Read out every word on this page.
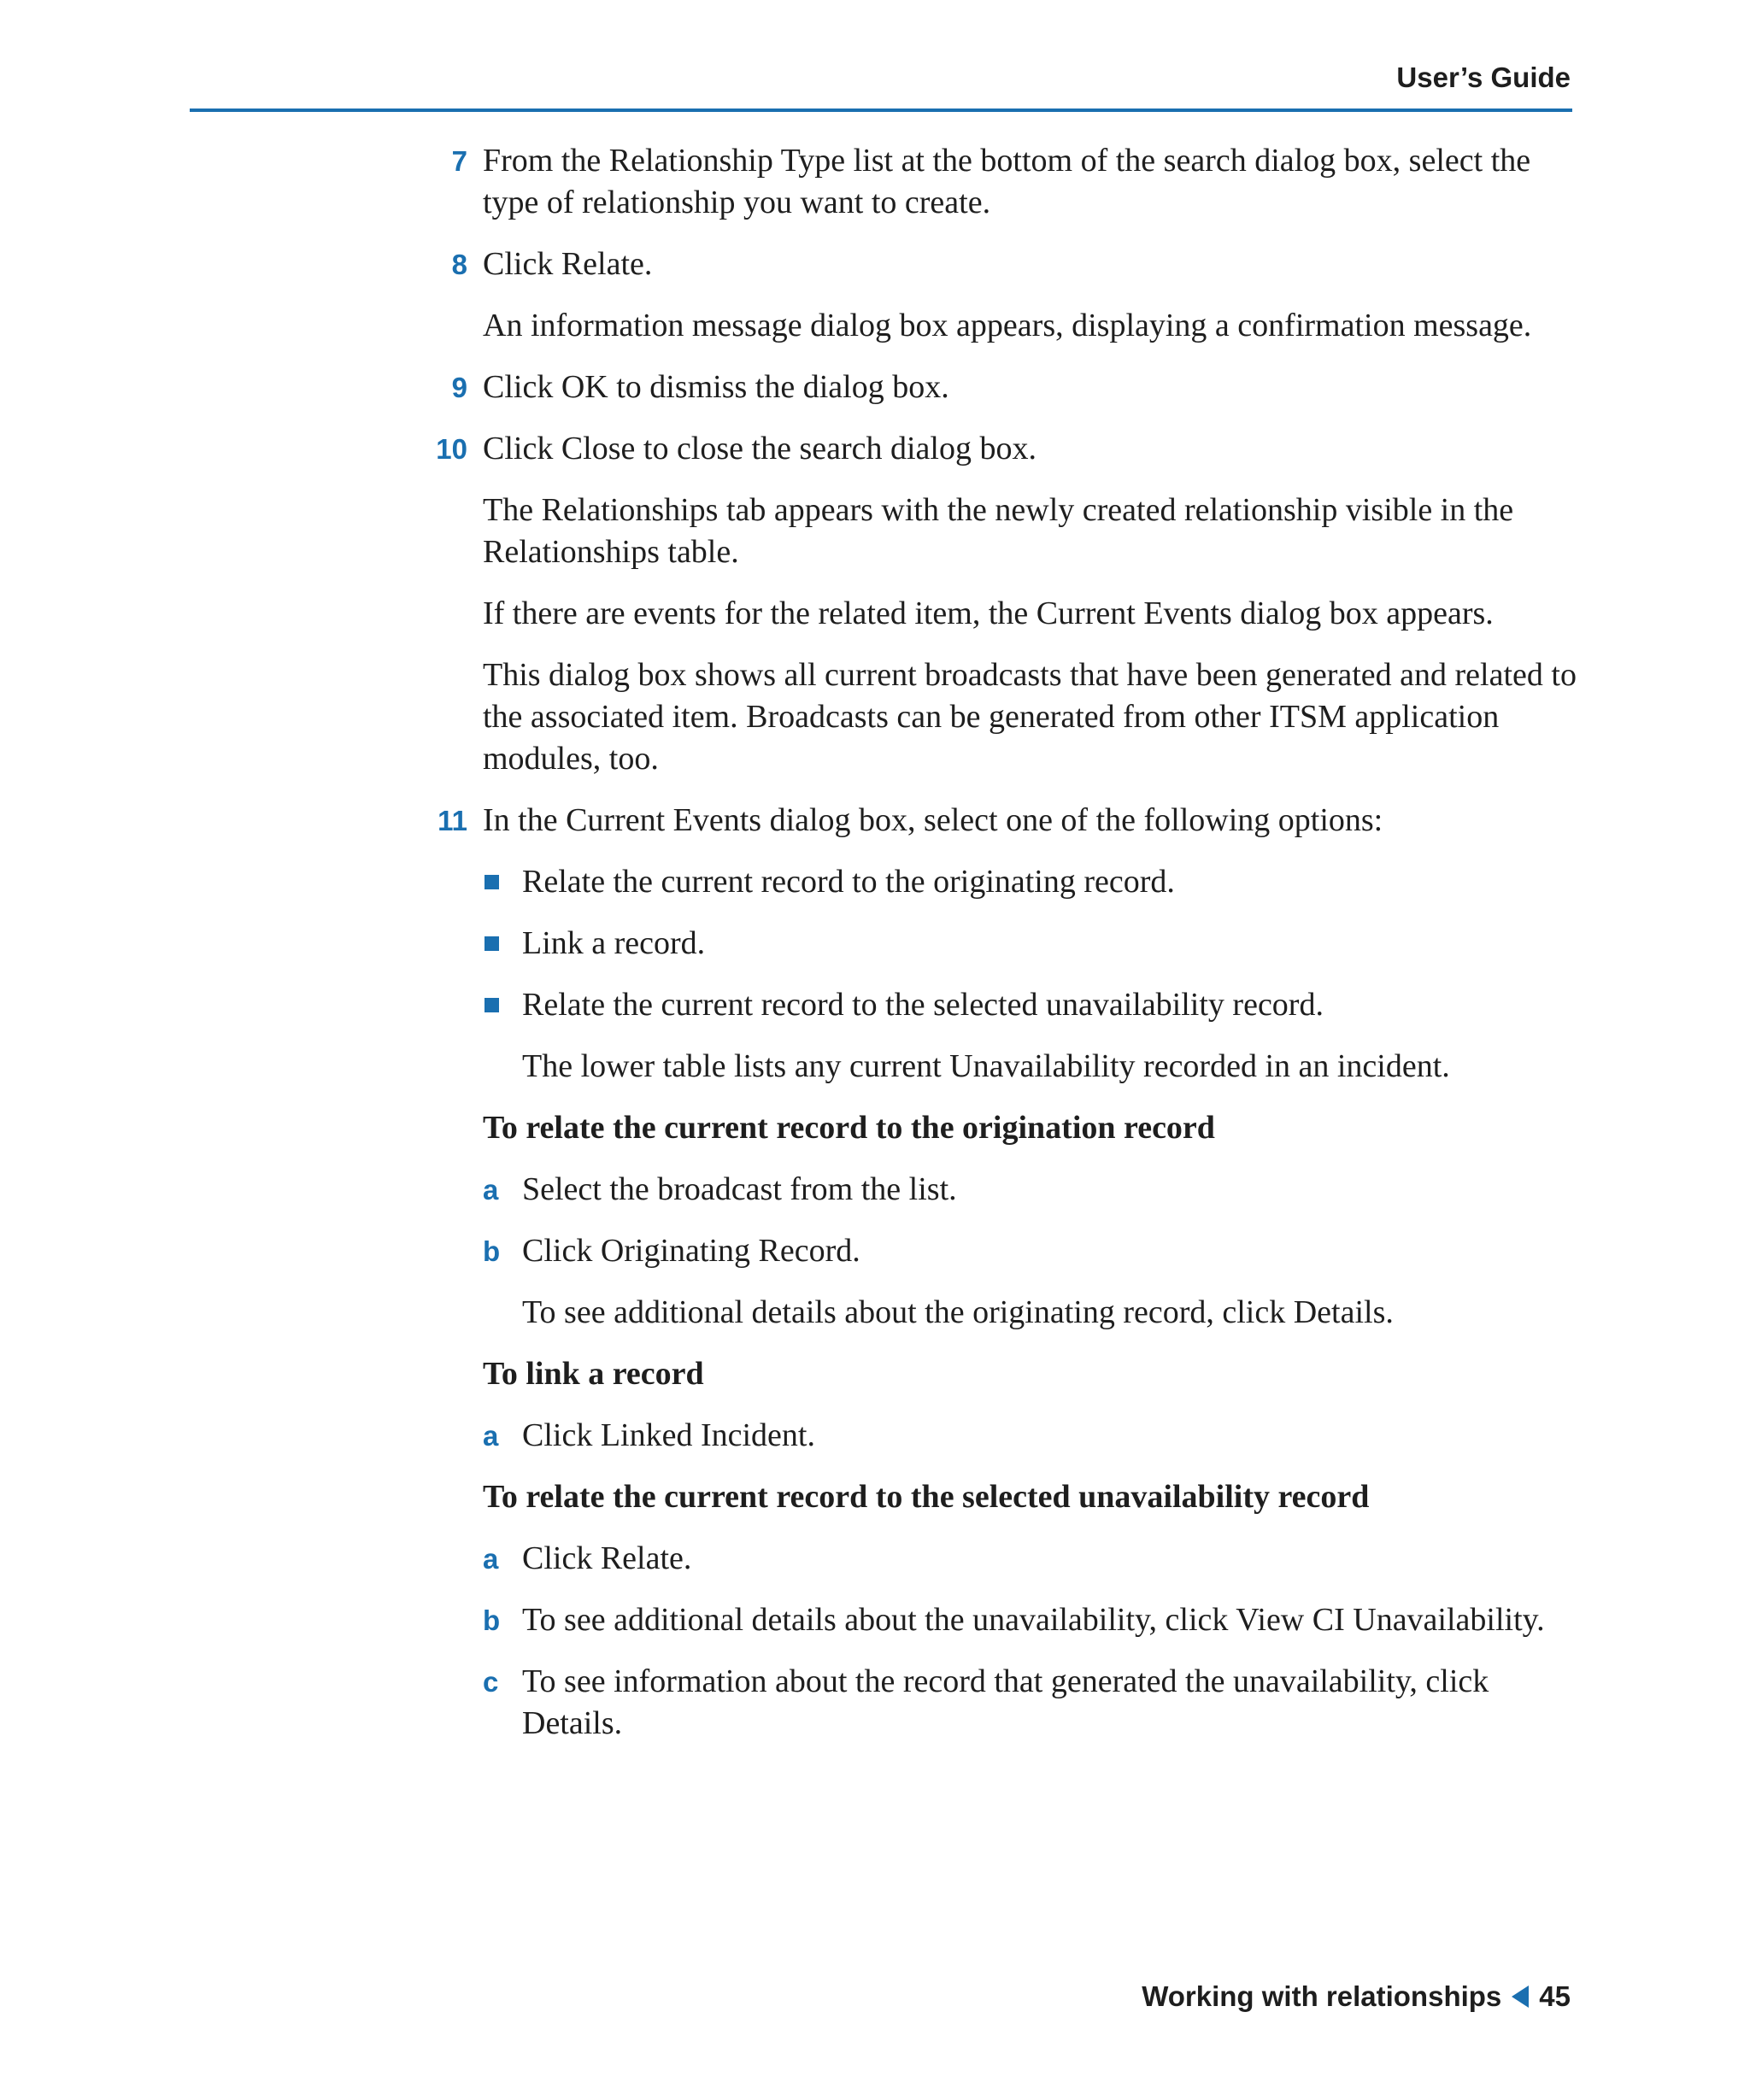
User’s Guide
7 From the Relationship Type list at the bottom of the search dialog box, select the type of relationship you want to create.
8 Click Relate.
An information message dialog box appears, displaying a confirmation message.
9 Click OK to dismiss the dialog box.
10 Click Close to close the search dialog box.
The Relationships tab appears with the newly created relationship visible in the Relationships table.
If there are events for the related item, the Current Events dialog box appears.
This dialog box shows all current broadcasts that have been generated and related to the associated item. Broadcasts can be generated from other ITSM application modules, too.
11 In the Current Events dialog box, select one of the following options:
Relate the current record to the originating record.
Link a record.
Relate the current record to the selected unavailability record.
The lower table lists any current Unavailability recorded in an incident.
To relate the current record to the origination record
a Select the broadcast from the list.
b Click Originating Record.
To see additional details about the originating record, click Details.
To link a record
a Click Linked Incident.
To relate the current record to the selected unavailability record
a Click Relate.
b To see additional details about the unavailability, click View CI Unavailability.
c To see information about the record that generated the unavailability, click Details.
Working with relationships 45
